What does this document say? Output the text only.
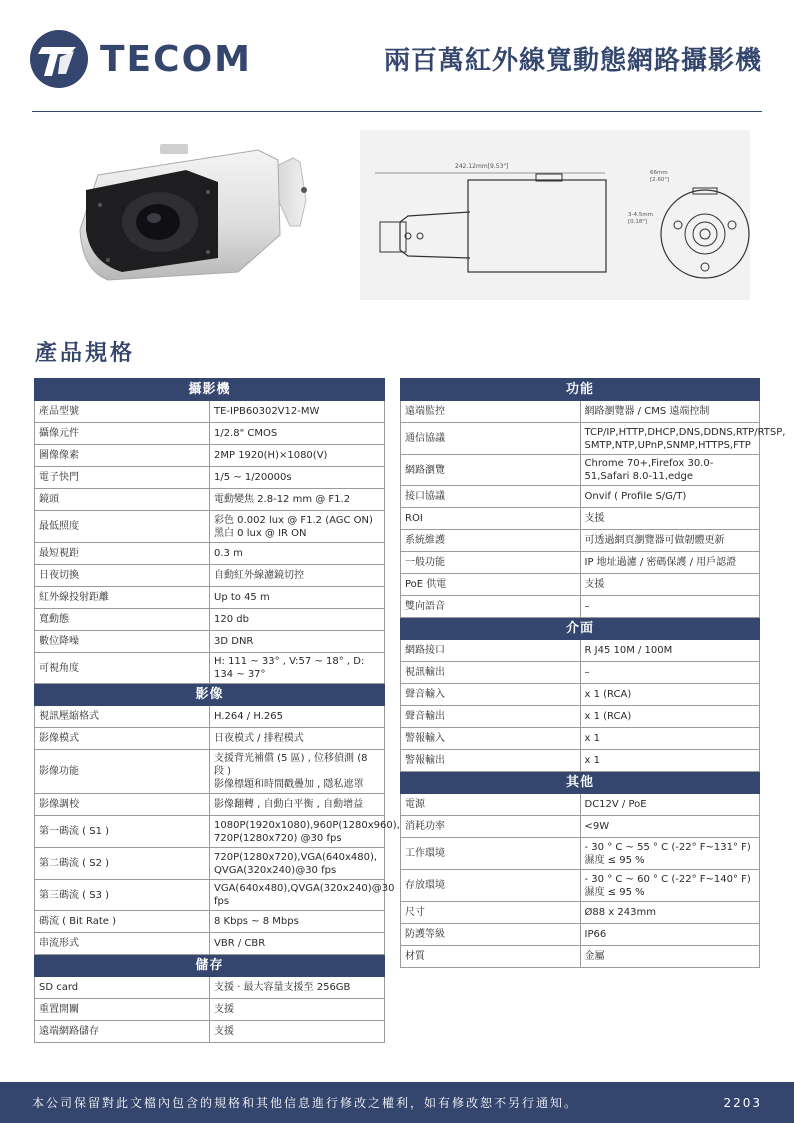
TECOM	兩百萬紅外線寬動態網路攝影機
242.12mm[9.53"]
66mm [2.60"]
3-4.5mm [0.18"]
產品規格
攝影機	
產品型號	TE-IPB60302V12-MW
攝像元件	1/2.8" CMOS
圖像像素	2MP 1920(H)×1080(V)
電子快門	1/5 ~ 1/20000s
鏡頭	電動變焦 2.8-12 mm @ F1.2
最低照度	彩色 0.002 lux @ F1.2 (AGC ON)
黑白 0 lux @ IR ON
最短視距	0.3 m
日夜切換	自動紅外線濾鏡切控
紅外線投射距離	Up to 45 m
寬動態	120 db
數位降噪	3D DNR
可視角度	H: 111 ~ 33° , V:57 ~ 18° , D: 134 ~ 37°
影像	
視訊壓縮格式	H.264 / H.265
影像模式	日夜模式 / 排程模式
影像功能	支援背光補償 (5 區) , 位移偵測 (8 段 )
影像標題和時間戳疊加 , 隱私遮罩
影像調校	影像翻轉 , 自動白平衡 , 自動增益
第一碼流 ( S1 )	1080P(1920x1080),960P(1280x960),
720P(1280x720) @30 fps
第二碼流 ( S2 )	720P(1280x720),VGA(640x480),
QVGA(320x240)@30 fps
第三碼流 ( S3 )	VGA(640x480),QVGA(320x240)@30 fps
碼流 ( Bit Rate )	8 Kbps ~ 8 Mbps
串流形式	VBR / CBR
儲存	
SD card	支援 · 最大容量支援至 256GB
重置開關	支援
遠端網路儲存	支援
功能	
遠端監控	網路瀏覽器 / CMS 遠端控制
通信協議	TCP/IP,HTTP,DHCP,DNS,DDNS,RTP/RTSP,
SMTP,NTP,UPnP,SNMP,HTTPS,FTP
網路瀏覽	Chrome 70+,Firefox 30.0-51,Safari 8.0-11,edge
接口協議	Onvif ( Profile S/G/T)
ROI	支援
系統維護	可透過網頁瀏覽器可做韌體更新
一般功能	IP 地址過濾 / 密碼保護 / 用戶認證
PoE 供電	支援
雙向語音	–
介面	
網路接口	R J45 10M / 100M
視訊輸出	–
聲音輸入	x 1 (RCA)
聲音輸出	x 1 (RCA)
警報輸入	x 1
警報輸出	x 1
其他	
電源	DC12V / PoE
消耗功率	<9W
工作環境	- 30 ° C ~ 55 ° C (-22° F~131° F)
濕度 ≤ 95 %
存放環境	- 30 ° C ~ 60 ° C (-22° F~140° F)
濕度 ≤ 95 %
尺寸	Ø88 x 243mm
防護等級	IP66
材質	金屬
本公司保留對此文檔內包含的規格和其他信息進行修改之權利，如有修改恕不另行通知。	2203
